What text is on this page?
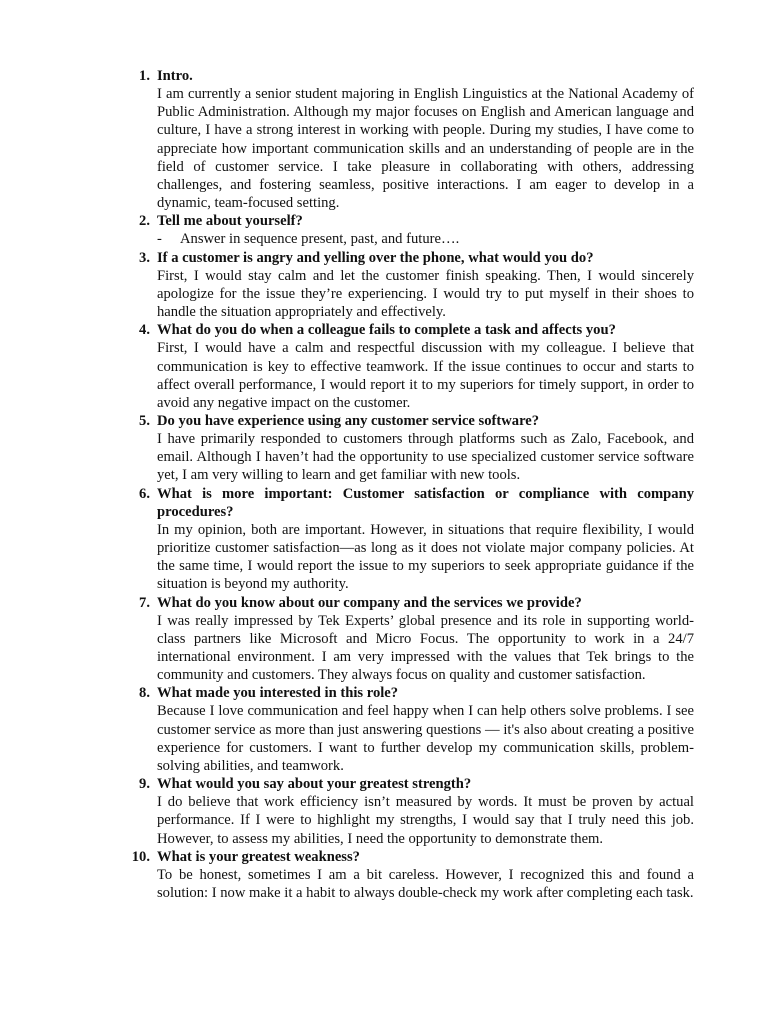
1. Intro.
I am currently a senior student majoring in English Linguistics at the National Academy of Public Administration. Although my major focuses on English and American language and culture, I have a strong interest in working with people. During my studies, I have come to appreciate how important communication skills and an understanding of people are in the field of customer service. I take pleasure in collaborating with others, addressing challenges, and fostering seamless, positive interactions. I am eager to develop in a dynamic, team-focused setting.
2. Tell me about yourself?
- Answer in sequence present, past, and future….
3. If a customer is angry and yelling over the phone, what would you do?
First, I would stay calm and let the customer finish speaking. Then, I would sincerely apologize for the issue they’re experiencing. I would try to put myself in their shoes to handle the situation appropriately and effectively.
4. What do you do when a colleague fails to complete a task and affects you?
First, I would have a calm and respectful discussion with my colleague. I believe that communication is key to effective teamwork. If the issue continues to occur and starts to affect overall performance, I would report it to my superiors for timely support, in order to avoid any negative impact on the customer.
5. Do you have experience using any customer service software?
I have primarily responded to customers through platforms such as Zalo, Facebook, and email. Although I haven’t had the opportunity to use specialized customer service software yet, I am very willing to learn and get familiar with new tools.
6. What is more important: Customer satisfaction or compliance with company procedures?
In my opinion, both are important. However, in situations that require flexibility, I would prioritize customer satisfaction—as long as it does not violate major company policies. At the same time, I would report the issue to my superiors to seek appropriate guidance if the situation is beyond my authority.
7. What do you know about our company and the services we provide?
I was really impressed by Tek Experts’ global presence and its role in supporting world-class partners like Microsoft and Micro Focus. The opportunity to work in a 24/7 international environment. I am very impressed with the values that Tek brings to the community and customers. They always focus on quality and customer satisfaction.
8. What made you interested in this role?
Because I love communication and feel happy when I can help others solve problems. I see customer service as more than just answering questions — it's also about creating a positive experience for customers. I want to further develop my communication skills, problem-solving abilities, and teamwork.
9. What would you say about your greatest strength?
I do believe that work efficiency isn’t measured by words. It must be proven by actual performance. If I were to highlight my strengths, I would say that I truly need this job. However, to assess my abilities, I need the opportunity to demonstrate them.
10. What is your greatest weakness?
To be honest, sometimes I am a bit careless. However, I recognized this and found a solution: I now make it a habit to always double-check my work after completing each task.
